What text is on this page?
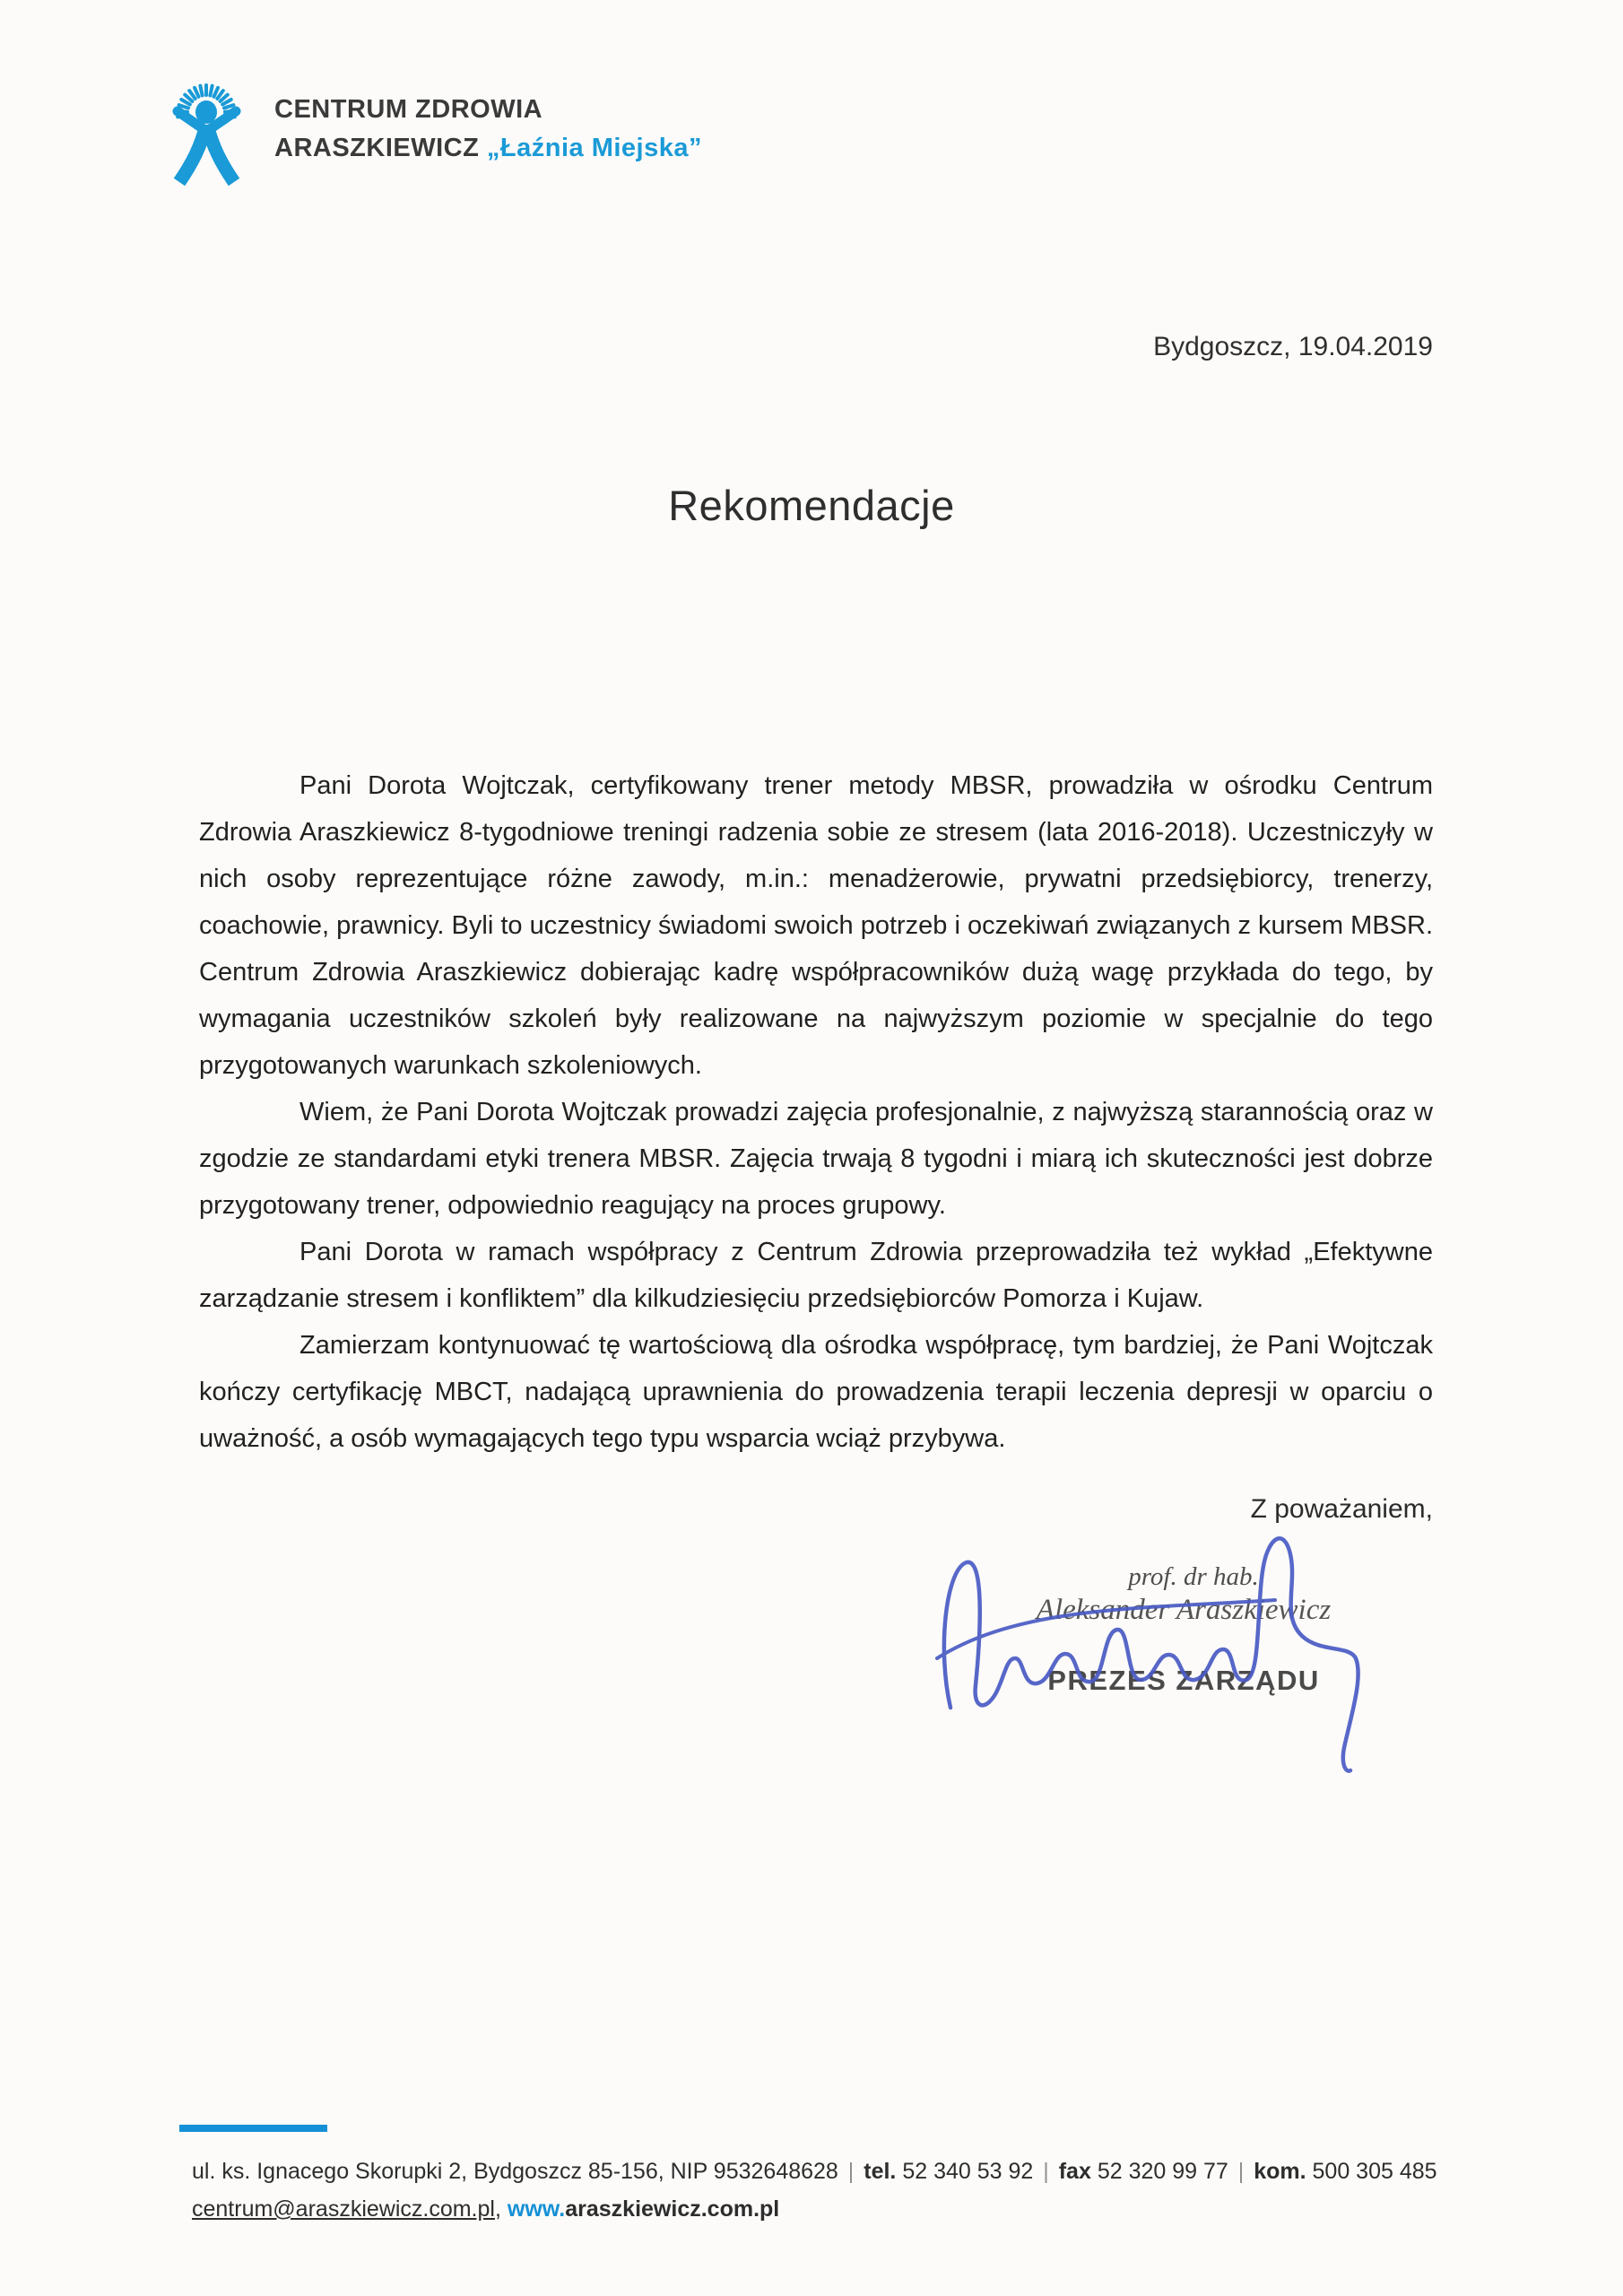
CENTRUM ZDROWIA
ARASZKIEWICZ „Łaźnia Miejska”
Bydgoszcz, 19.04.2019
Rekomendacje

Pani Dorota Wojtczak, certyfikowany trener metody MBSR, prowadziła w ośrodku Centrum Zdrowia Araszkiewicz 8-tygodniowe treningi radzenia sobie ze stresem (lata 2016-2018). Uczestniczyły w nich osoby reprezentujące różne zawody, m.in.: menadżerowie, prywatni przedsiębiorcy, trenerzy, coachowie, prawnicy. Byli to uczestnicy świadomi swoich potrzeb i oczekiwań związanych z kursem MBSR. Centrum Zdrowia Araszkiewicz dobierając kadrę współpracowników dużą wagę przykłada do tego, by wymagania uczestników szkoleń były realizowane na najwyższym poziomie w specjalnie do tego przygotowanych warunkach szkoleniowych.

Wiem, że Pani Dorota Wojtczak prowadzi zajęcia profesjonalnie, z najwyższą starannością oraz w zgodzie ze standardami etyki trenera MBSR. Zajęcia trwają 8 tygodni i miarą ich skuteczności jest dobrze przygotowany trener, odpowiednio reagujący na proces grupowy.

Pani Dorota w ramach współpracy z Centrum Zdrowia przeprowadziła też wykład „Efektywne zarządzanie stresem i konfliktem” dla kilkudziesięciu przedsiębiorców Pomorza i Kujaw.

Zamierzam kontynuować tę wartościową dla ośrodka współpracę, tym bardziej, że Pani Wojtczak kończy certyfikację MBCT, nadającą uprawnienia do prowadzenia terapii leczenia depresji w oparciu o uważność, a osób wymagających tego typu wsparcia wciąż przybywa.

Z poważaniem,
prof. dr hab.
Aleksander Araszkiewicz
PREZES ZARZĄDU
ul. ks. Ignacego Skorupki 2, Bydgoszcz 85-156, NIP 9532648628 | tel. 52 340 53 92 | fax 52 320 99 77 | kom. 500 305 485
centrum@araszkiewicz.com.pl, www.araszkiewicz.com.pl
